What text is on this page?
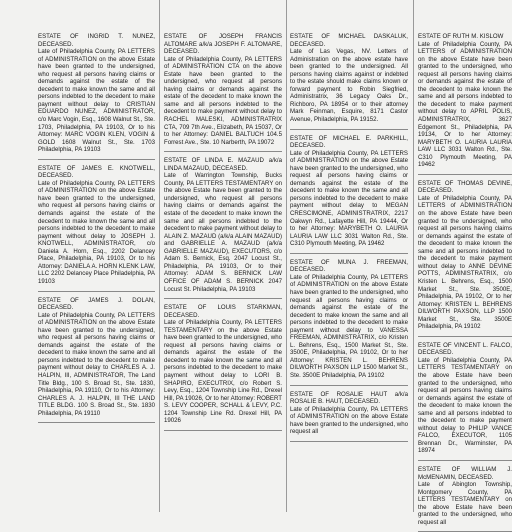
ESTATE OF INGRID T. NUNEZ, DECEASED.
Late of Philadelphia County, PA LETTERS of ADMINISTRATION on the above Estate have been granted to the undersigned, who request all persons having claims or demands against the estate of the decedent to make known the same and all persons indebted to the decedent to make payment without delay to CRISTIAN EDUARDO NUNEZ, ADMINISTRATOR, c/o Marc Vogin, Esq., 1608 Walnut St., Ste. 1703, Philadelphia, PA 19103, Or to his Attorney: MARC VOGIN KLEN, VOGIN & GOLD 1608 Walnut St., Ste. 1703 Philadelphia, PA 19103
ESTATE OF JAMES E. KNOTWELL, DECEASED.
Late of Philadelphia County, PA LETTERS of ADMINISTRATION on the above Estate have been granted to the undersigned, who request all persons having claims or demands against the estate of the decedent to make known the same and all persons indebted to the decedent to make payment without delay to JOSEPH J. KNOTWELL, ADMINISTRATOR, c/o Daniela A. Horn, Esq., 2202 Delancey Place, Philadelphia, PA 19103, Or to his Attorney: DANIELA A. HORN KLENK LAW, LLC 2202 Delancey Place Philadelphia, PA 19103
ESTATE OF JAMES J. DOLAN, DECEASED.
Late of Philadelphia County, PA LETTERS of ADMINISTRATION on the above Estate have been granted to the undersigned, who request all persons having claims or demands against the estate of the decedent to make known the same and all persons indebted to the decedent to make payment without delay to CHARLES A. J. HALPIN, III, ADMINISTRATOR, The Land Title Bldg., 100 S. Broad St., Ste. 1830, Philadelphia, PA 19110, Or to his Attorney: CHARLES A. J. HALPIN, III THE LAND TITLE BLDG. 100 S. Broad St., Ste. 1830 Philadelphia, PA 19110
ESTATE OF JOSEPH FRANCIS ALTOMARE a/k/a JOSEPH F. ALTOMARE, DECEASED.
Late of Philadelphia County, PA LETTERS of ADMINISTRATION CTA on the above Estate have been granted to the undersigned, who request all persons having claims or demands against the estate of the decedent to make known the same and all persons indebted to the decedent to make payment without delay to RACHEL MALESKI, ADMINISTRATRIX CTA, 709 7th Ave., Elizabeth, PA 15037, Or to her Attorney: DANIEL BALTUCH 104.5 Forrest Ave., Ste. 10 Narberth, PA 19072
ESTATE OF LINDA E. MAZAUD a/k/a LINDA MAZAUD, DECEASED.
Late of Warrington Township, Bucks County, PA LETTERS TESTAMENTARY on the above Estate have been granted to the undersigned, who request all persons having claims or demands against the estate of the decedent to make known the same and all persons indebted to the decedent to make payment without delay to ALAIN Z. MAZAUD (a/k/a ALAIN MAZAUD) and GABRIELLE A. MAZAUD (a/k/a GABRIELLE MAZAUD), EXECUTORS, c/o Adam S. Bernick, Esq. 2047 Locust St., Philadelphia, PA 19103, Or to their Attorney: ADAM S. BERNICK LAW OFFICE OF ADAM S. BERNICK 2047 Locust St. Philadelphia, PA 19103
ESTATE OF LOUIS STARKMAN, DECEASED.
Late of Philadelphia County, PA LETTERS TESTAMENTARY on the above Estate have been granted to the undersigned, who request all persons having claims or demands against the estate of the decedent to make known the same and all persons indebted to the decedent to make payment without delay to LORI B. SHAPIRO, EXECUTRIX, c/o Robert S. Levy, Esq., 1204 Township Line Rd., Drexel Hill, PA 19026, Or to her Attorney: ROBERT S. LEVY COOPER, SCHALL & LEVY, P.C. 1204 Township Line Rd. Drexel Hill, PA 19026
ESTATE OF MICHAEL DASKALUK, DECEASED.
Late of Las Vegas, NV. Letters of Administration on the above estate have been granted to the undersigned. All persons having claims against or indebted to the estate should make claims known or forward payment to Robin Siegfried, Administratrix, 36 Legacy Oaks Dr., Richboro, PA 18954 or to their attorney Mark Feinman, Esquire, 8171 Castor Avenue, Philadelphia, PA 19152.
ESTATE OF MICHAEL E. PARKHILL, DECEASED.
Late of Philadelphia County, PA LETTERS of ADMINISTRATION on the above Estate have been granted to the undersigned, who request all persons having claims or demands against the estate of the decedent to make known the same and all persons indebted to the decedent to make payment without delay to MEGAN CRESCIMONE, ADMINISTRATRIX, 2217 Oakwyn Rd., Lafayette Hill, PA 19444, Or to her Attorney: MARYBETH O. LAURIA LAURIA LAW LLC 3031 Walton Rd., Ste. C310 Plymouth Meeting, PA 19462
ESTATE OF MUNA J. FREEMAN, DECEASED.
Late of Philadelphia County, PA LETTERS of ADMINISTRATION on the above Estate have been granted to the undersigned, who request all persons having claims or demands against the estate of the decedent to make known the same and all persons indebted to the decedent to make payment without delay to VANESSA FREEMAN, ADMINISTRATRIX, c/o Kristen L. Behrens, Esq., 1500 Market St., Ste. 3500E, Philadelphia, PA 19102, Or to her Attorney: KRISTEN L. BEHRENS DILWORTH PAXSON LLP 1500 Market St., Ste. 3500E Philadelphia, PA 19102
ESTATE OF ROSALIE HAUT a/k/a ROSALIE B. HAUT, DECEASED.
Late of Philadelphia County, PA LETTERS of ADMINISTRATION on the above Estate have been granted to the undersigned, who request all
ESTATE OF RUTH M. KISLOW
Late of Philadelphia County, PA LETTERS of ADMINISTRATION on the above Estate have been granted to the undersigned, who request all persons having claims or demands against the estate of the decedent to make known the same and all persons indebted to the decedent to make payment without delay to APRIL POLIS, ADMINISTRATRIX, 3627 Edgemont St., Philadelphia, PA 19134, Or to her Attorney: MARYBETH O. LAURIA LAURIA LAW LLC 3031 Walton Rd., Ste. C310 Plymouth Meeting, PA 19462
ESTATE OF THOMAS DEVINE, DECEASED.
Late of Philadelphia County, PA LETTERS of ADMINISTRATION on the above Estate have been granted to the undersigned, who request all persons having claims or demands against the estate of the decedent to make known the same and all persons indebted to the decedent to make payment without delay to ANNE DEVINE POTTS, ADMINISTRATRIX, c/o Kristen L. Behrens, Esq., 1500 Market St., Ste. 3500E, Philadelphia, PA 19102, Or to her Attorney: KRISTEN L. BEHRENS DILWORTH PAXSON, LLP 1500 Market St., Ste. 3500E Philadelphia, PA 19102
ESTATE OF VINCENT L. FALCO, DECEASED.
Late of Philadelphia County, PA LETTERS TESTAMENTARY on the above Estate have been granted to the undersigned, who request all persons having claims or demands against the estate of the decedent to make known the same and all persons indebted to the decedent to make payment without delay to PHILIP VANCE FALCO, EXECUTOR, 1105 Brennan Dr., Warminster, PA 18974
ESTATE OF WILLIAM J. McMENAMIN, DECEASED.
Late of Abington Township, Montgomery County, PA LETTERS TESTAMENTARY on the above Estate have been granted to the undersigned, who request all
